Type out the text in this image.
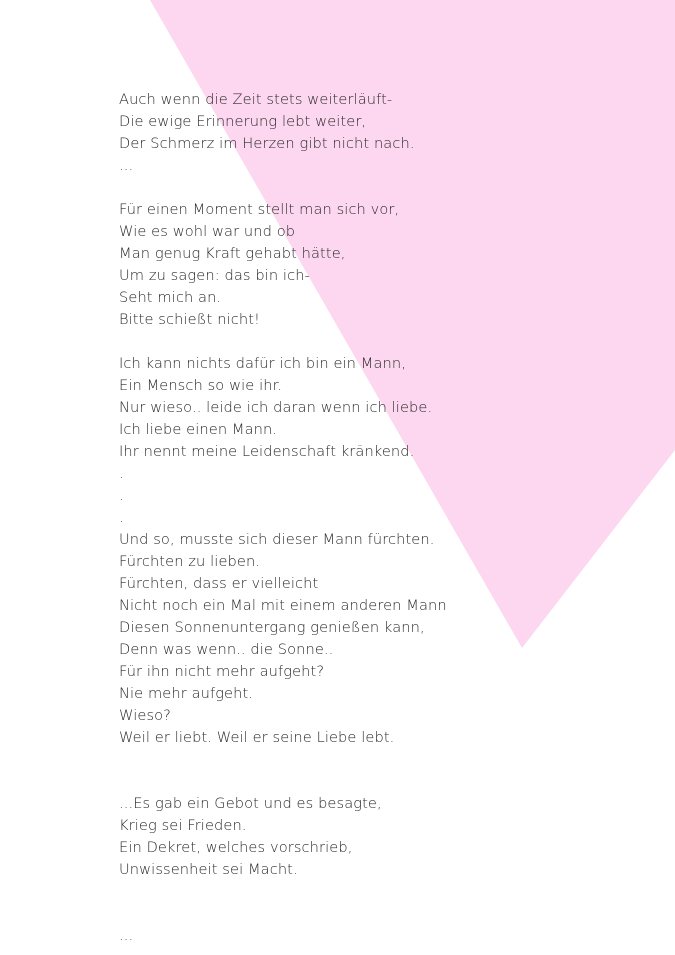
Auch wenn die Zeit stets weiterläuft-
Die ewige Erinnerung lebt weiter,
Der Schmerz im Herzen gibt nicht nach.
...
Für einen Moment stellt man sich vor,
Wie es wohl war und ob
Man genug Kraft gehabt hätte,
Um zu sagen: das bin ich-
Seht mich an.
Bitte schießt nicht!
Ich kann nichts dafür ich bin ein Mann,
Ein Mensch so wie ihr.
Nur wieso.. leide ich daran wenn ich liebe.
Ich liebe einen Mann.
Ihr nennt meine Leidenschaft kränkend.
.
.
.
Und so, musste sich dieser Mann fürchten.
Fürchten zu lieben.
Fürchten, dass er vielleicht
Nicht noch ein Mal mit einem anderen Mann
Diesen Sonnenuntergang genießen kann,
Denn was wenn.. die Sonne..
Für ihn nicht mehr aufgeht?
Nie mehr aufgeht.
Wieso?
Weil er liebt. Weil er seine Liebe lebt.
...Es gab ein Gebot und es besagte,
Krieg sei Frieden.
Ein Dekret, welches vorschrieb,
Unwissenheit sei Macht.
...
